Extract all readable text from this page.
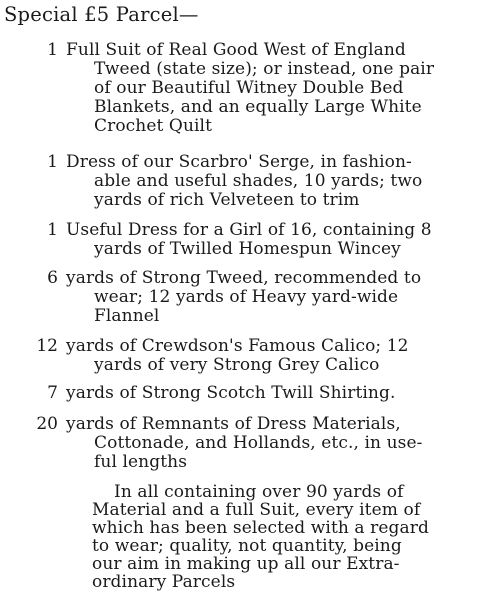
Special £5 Parcel—
1 Full Suit of Real Good West of England
Tweed (state size); or instead, one pair
of our Beautiful Witney Double Bed
Blankets, and an equally Large White
Crochet Quilt
1 Dress of our Scarbro' Serge, in fashion-
able and useful shades, 10 yards; two
yards of rich Velveteen to trim
1 Useful Dress for a Girl of 16, containing 8
yards of Twilled Homespun Wincey
6 yards of Strong Tweed, recommended to
wear; 12 yards of Heavy yard-wide
Flannel
12 yards of Crewdson's Famous Calico; 12
yards of very Strong Grey Calico
7 yards of Strong Scotch Twill Shirting.
20 yards of Remnants of Dress Materials,
Cottonade, and Hollands, etc., in use-
ful lengths
In all containing over 90 yards of
Material and a full Suit, every item of
which has been selected with a regard
to wear; quality, not quantity, being
our aim in making up all our Extra-
ordinary Parcels
